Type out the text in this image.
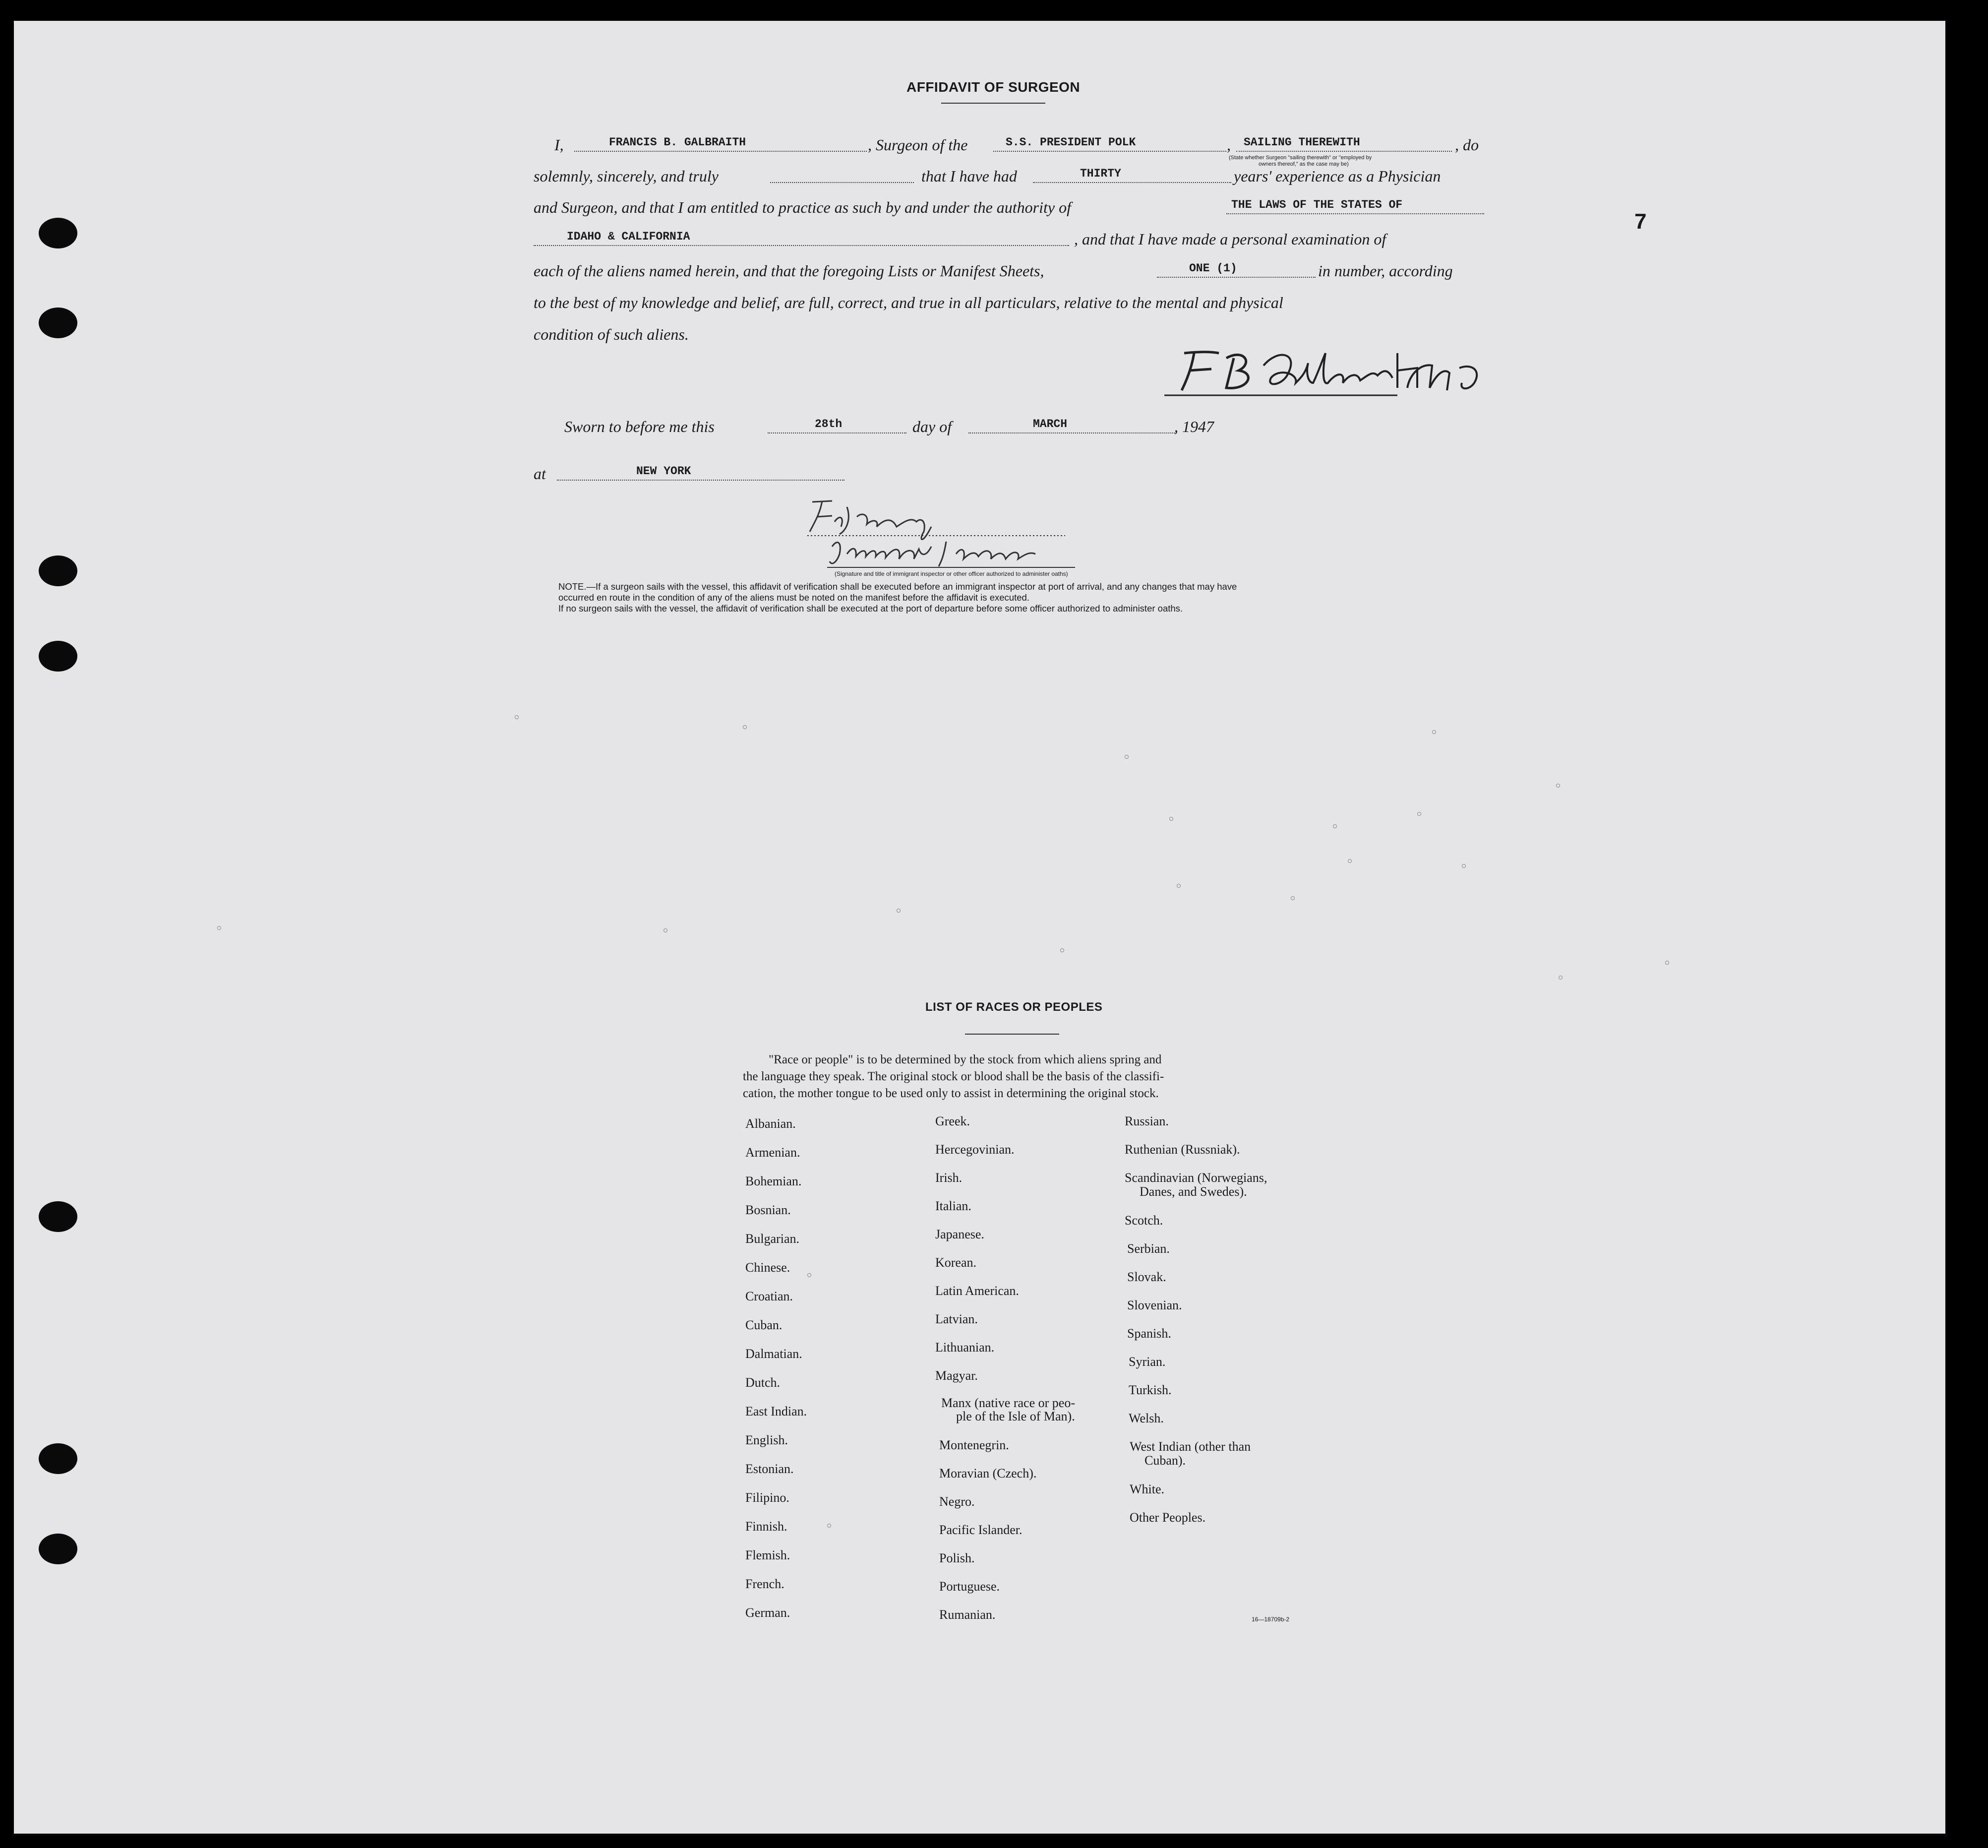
AFFIDAVIT OF SURGEON
7
I,	FRANCIS B. GALBRAITH	, Surgeon of the	S.S. PRESIDENT POLK	, SAILING THEREWITH	, do
(State whether Surgeon "sailing therewith" or "employed by
owners thereof," as the case may be)
solemnly, sincerely, and truly	that I have had	THIRTY	years' experience as a Physician
and Surgeon, and that I am entitled to practice as such by and under the authority of	THE LAWS OF THE STATES OF
IDAHO & CALIFORNIA	, and that I have made a personal examination of
each of the aliens named herein, and that the foregoing Lists or Manifest Sheets,	ONE (1)	in number, according
to the best of my knowledge and belief, are full, correct, and true in all particulars, relative to the mental and physical
condition of such aliens.
Sworn to before me this	28th	day of	MARCH	, 1947
at	NEW YORK
(Signature and title of immigrant inspector or other officer authorized to administer oaths)
NOTE.—If a surgeon sails with the vessel, this affidavit of verification shall be executed before an immigrant inspector at port of arrival, and any changes that may have
occurred en route in the condition of any of the aliens must be noted on the manifest before the affidavit is executed.
If no surgeon sails with the vessel, the affidavit of verification shall be executed at the port of departure before some officer authorized to administer oaths.
LIST OF RACES OR PEOPLES
"Race or people" is to be determined by the stock from which aliens spring and
the language they speak. The original stock or blood shall be the basis of the classifi-
cation, the mother tongue to be used only to assist in determining the original stock.
Albanian.
Armenian.
Bohemian.
Bosnian.
Bulgarian.
Chinese.
Croatian.
Cuban.
Dalmatian.
Dutch.
East Indian.
English.
Estonian.
Filipino.
Finnish.
Flemish.
French.
German.
Greek.
Hercegovinian.
Irish.
Italian.
Japanese.
Korean.
Latin American.
Latvian.
Lithuanian.
Magyar.
Manx (native race or peo-
ple of the Isle of Man).
Montenegrin.
Moravian (Czech).
Negro.
Pacific Islander.
Polish.
Portuguese.
Rumanian.
Russian.
Ruthenian (Russniak).
Scandinavian (Norwegians,
Danes, and Swedes).
Scotch.
Serbian.
Slovak.
Slovenian.
Spanish.
Syrian.
Turkish.
Welsh.
West Indian (other than
Cuban).
White.
Other Peoples.
16—18709b-2
